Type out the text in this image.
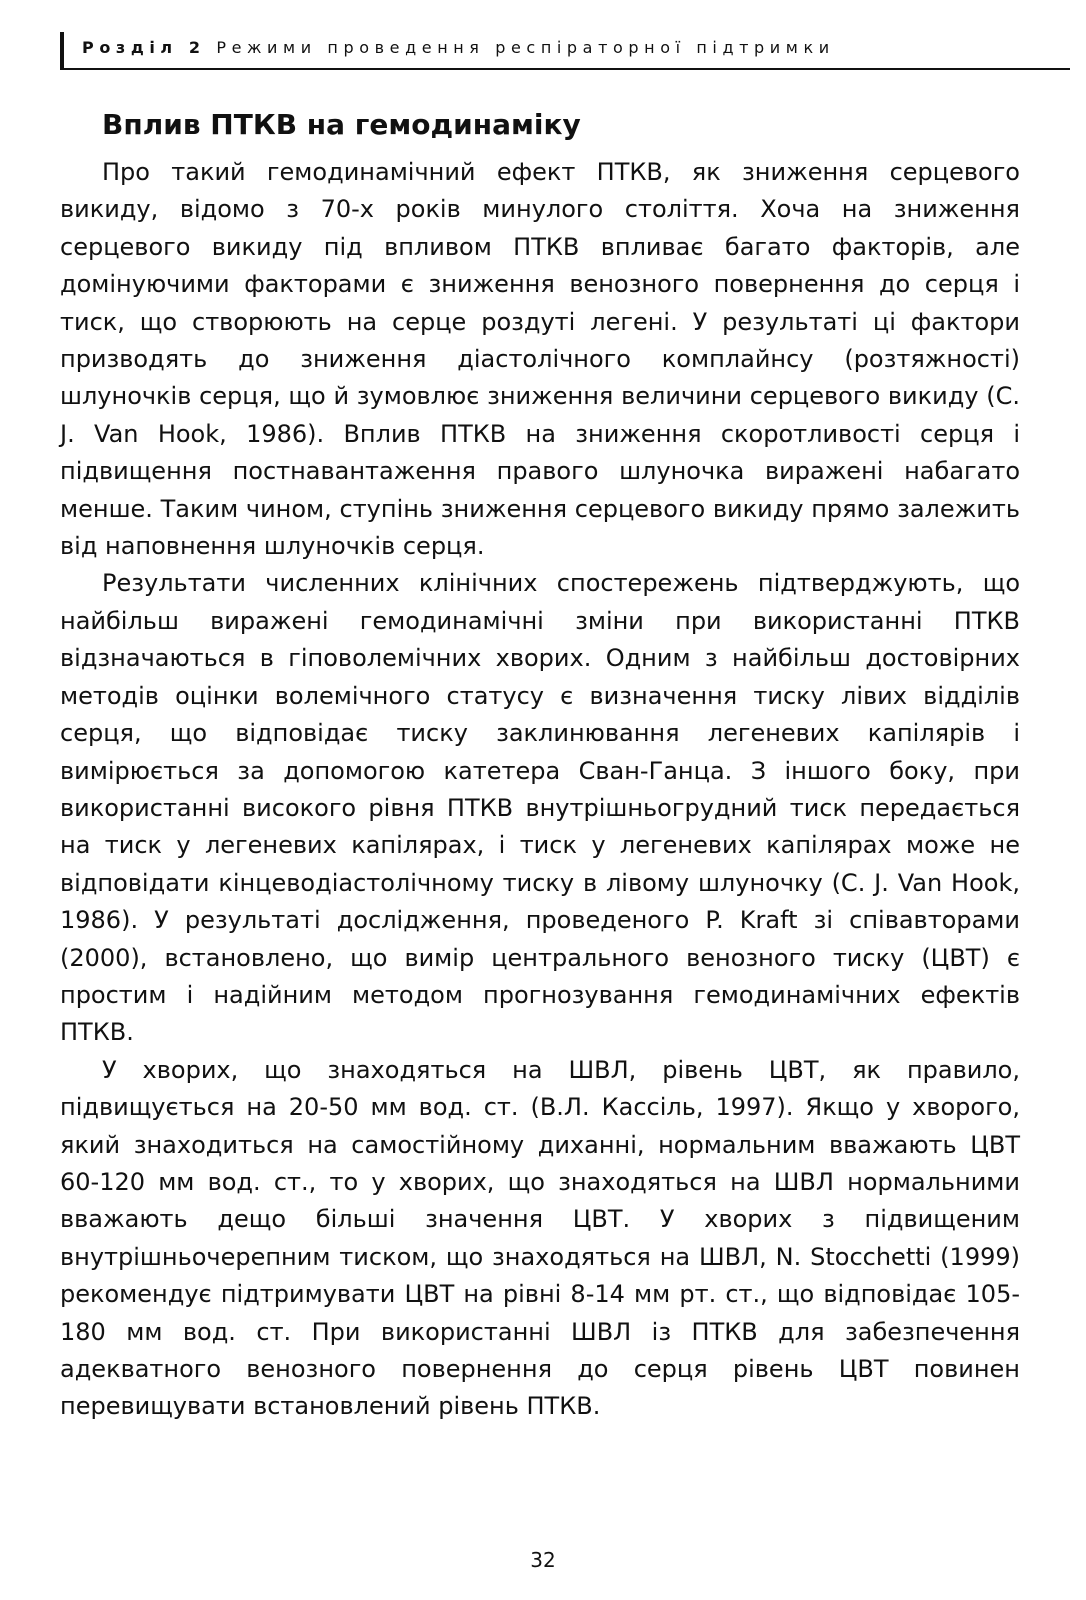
Розділ 2 Режими проведення респіраторної підтримки
Вплив ПТКВ на гемодинаміку

Про такий гемодинамічний ефект ПТКВ, як зниження серцевого викиду, відомо з 70-х років минулого століття. Хоча на зниження серцевого викиду під впливом ПТКВ впливає багато факторів, але домінуючими факторами є зниження венозного повернення до серця і тиск, що створюють на серце роздуті легені. У результаті ці фактори призводять до зниження діастолічного комплайнсу (розтяжності) шлуночків серця, що й зумовлює зниження величини серцевого викиду (C. J. Van Hook, 1986). Вплив ПТКВ на зниження скоротливості серця і підвищення постнавантаження правого шлуночка виражені набагато менше. Таким чином, ступінь зниження серцевого викиду прямо залежить від наповнення шлуночків серця.

Результати численних клінічних спостережень підтверджують, що найбільш виражені гемодинамічні зміни при використанні ПТКВ відзначаються в гіповолемічних хворих. Одним з найбільш достовірних методів оцінки волемічного статусу є визначення тиску лівих відділів серця, що відповідає тиску заклинювання легеневих капілярів і вимірюється за допомогою катетера Сван-Ганца. З іншого боку, при використанні високого рівня ПТКВ внутрішньогрудний тиск передається на тиск у легеневих капілярах, і тиск у легеневих капілярах може не відповідати кінцеводіастолічному тиску в лівому шлуночку (C. J. Van Hook, 1986). У результаті дослідження, проведеного P. Kraft зі співавторами (2000), встановлено, що вимір центрального венозного тиску (ЦВТ) є простим і надійним методом прогнозування гемодинамічних ефектів ПТКВ.

У хворих, що знаходяться на ШВЛ, рівень ЦВТ, як правило, підвищується на 20-50 мм вод. ст. (В.Л. Кассіль, 1997). Якщо у хворого, який знаходиться на самостійному диханні, нормальним вважають ЦВТ 60-120 мм вод. ст., то у хворих, що знаходяться на ШВЛ нормальними вважають дещо більші значення ЦВТ. У хворих з підвищеним внутрішньочерепним тиском, що знаходяться на ШВЛ, N. Stocchetti (1999) рекомендує підтримувати ЦВТ на рівні 8-14 мм рт. ст., що відповідає 105-180 мм вод. ст. При використанні ШВЛ із ПТКВ для забезпечення адекватного венозного повернення до серця рівень ЦВТ повинен перевищувати встановлений рівень ПТКВ.

32
